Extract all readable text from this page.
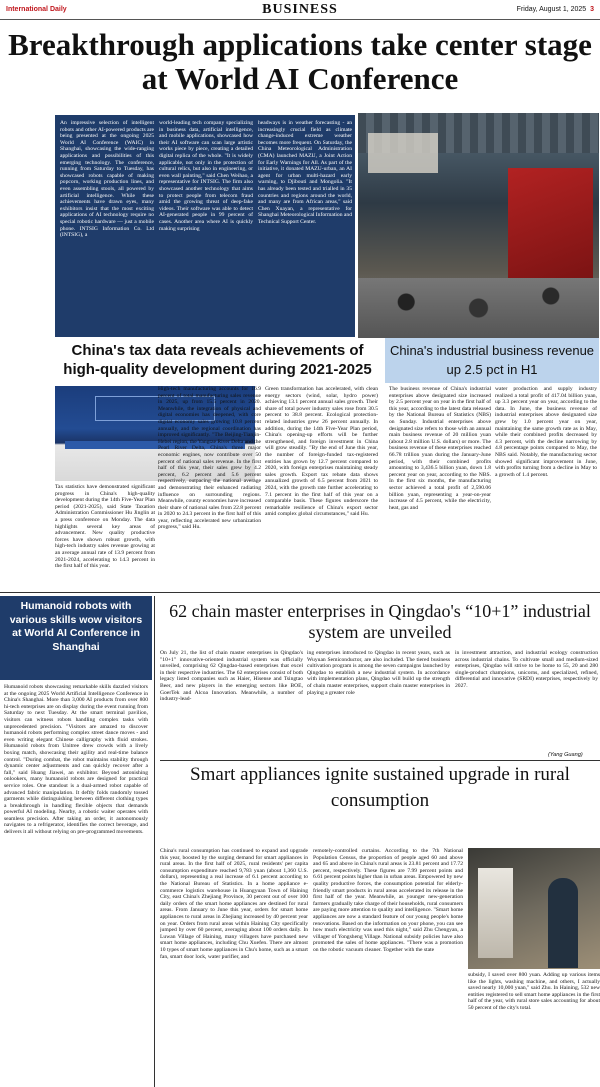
International Daily	BUSINESS	Friday, August 1, 2025 3
Breakthrough applications take center stage at World AI Conference
An impressive selection of intelligent robots and other AI-powered products are being presented at the ongoing 2025 World AI Conference (WAIC) in Shanghai, showcasing the wide-ranging applications and possibilities of this emerging technology. The conference, running from Saturday to Tuesday, has showcased robots capable of making popcorn, working production lines, and even assembling stools, all powered by artificial intelligence. While these achievements have drawn eyes, many exhibitors insist that the most exciting applications of AI technology require no special robotic hardware — just a mobile phone. INTSIG Information Co. Ltd (INTSIG), a
world-leading tech company specializing in business data, artificial intelligence, and mobile applications, showcased how their AI software can scan large artistic works piece by piece, creating a detailed digital replica of the whole. "It is widely applicable, not only in the protection of cultural relics, but also in engineering, or even wall painting," said Chen Weihao, a representative for INTSIG. The firm also showcased another technology that aims to protect people from telecom fraud amid the growing threat of deep-fake videos. Their software was able to detect AI-generated people in 99 percent of cases. Another area where AI is quickly making surprising
headways is in weather forecasting - an increasingly crucial field as climate change-induced extreme weather becomes more frequent. On Saturday, the China Meteorological Administration (CMA) launched MAZU, a Joint Action for Early Warnings for All. As part of the initiative, it donated MAZU-urban, an AI agent for urban multi-hazard early warning, to Djibouti and Mongolia. "It has already been tested and trialled in 35 countries and regions around the world, and many are from African areas," said Chen Xuayan, a representative for Shanghai Meteorological Information and Technical Support Center.
China's tax data reveals achievements of high-quality development during 2021-2025
Tax statistics have demonstrated significant progress in China's high-quality development during the 14th Five-Year Plan period (2021-2025), said State Taxation Administration Commissioner Hu Jinglin at a press conference on Monday. The data highlights several key areas of advancement. New quality productive forces have shown robust growth, with high-tech industry sales revenue growing at an average annual rate of 13.9 percent from 2021-2024, accelerating to 14.3 percent in the first half of this year.
High-tech manufacturing accounts for 16.9 percent of total manufacturing sales revenue in 2025, up from 15.5 percent in 2020. Meanwhile, the integration of physical and digital economies has deepened, with core digital economy sales growing 10.8 percent annually, and the regional coordination has improved significantly. "The Beijing-Tianjin-Hebei region, the Yangtze River Delta and the Pearl River Delta, China's three major economic engines, now contribute over 50 percent of national sales revenue. In the first half of this year, their sales grew by 4.2 percent, 6.2 percent and 5.6 percent respectively, outpacing the national average and demonstrating their enhanced radiating influence on surrounding regions. Meanwhile, county economies have increased their share of national sales from 22.8 percent in 2020 to 24.3 percent in the first half of this year, reflecting accelerated new urbanization progress," said Hu.
Green transformation has accelerated, with clean energy sectors (wind, solar, hydro power) achieving 13.1 percent annual sales growth. Their share of total power industry sales rose from 30.5 percent to 38.8 percent. Ecological protection-related industries grew 26 percent annually. In addition, during the 14th Five-Year Plan period, China's opening-up efforts will be further strengthened, and foreign investment in China will grow steadily. "By the end of June this year, the number of foreign-funded tax-registered entities has grown by 12.7 percent compared to 2020, with foreign enterprises maintaining steady sales growth. Export tax rebate data shows annualized growth of 6.5 percent from 2021 to 2024, with the growth rate further accelerating to 7.1 percent in the first half of this year on a comparable basis. These figures underscore the remarkable resilience of China's export sector amid complex global circumstances," said Hu.
China's industrial business revenue up 2.5 pct in H1
The business revenue of China's industrial enterprises above designated size increased by 2.5 percent year on year in the first half of this year, according to the latest data released by the National Bureau of Statistics (NBS) on Sunday. Industrial enterprises above designated size refers to those with an annual main business revenue of 20 million yuan (about 2.8 million U.S. dollars) or more. The business revenue of these enterprises reached 66.78 trillion yuan during the January-June period, with their combined profits amounting to 3,436.5 billion yuan, down 1.8 percent year on year, according to the NBS. In the first six months, the manufacturing sector achieved a total profit of 2,590.06 billion yuan, representing a year-on-year increase of 4.5 percent, while the electricity, heat, gas and
water production and supply industry realized a total profit of 417.04 billion yuan, up 3.3 percent year on year, according to the data. In June, the business revenue of industrial enterprises above designated size grew by 1.0 percent year on year, maintaining the same growth rate as in May, while their combined profits decreased by 4.3 percent, with the decline narrowing by 4.8 percentage points compared to May, the NBS said. Notably, the manufacturing sector showed significant improvement in June, with profits turning from a decline in May to a growth of 1.4 percent.
Humanoid robots with various skills wow visitors at World AI Conference in Shanghai
Humanoid robots showcasing remarkable skills dazzled visitors at the ongoing 2025 World Artificial Intelligence Conference in China's Shanghai. More than 3,000 AI products from over 800 hi-tech enterprises are on display during the event running from Saturday to next Tuesday. At the smart terminal pavilion, visitors can witness robots handling complex tasks with unprecedented precision. "Visitors are amazed to discover humanoid robots performing complex street dance moves - and even writing elegant Chinese calligraphy with fluid strokes. Humanoid robots from Unitree drew crowds with a lively boxing match, showcasing their agility and real-time balance control. "During combat, the robot maintains stability through dynamic center adjustments and can quickly recover after a fall," said Huang Jiawei, an exhibitor. Beyond astonishing onlookers, many humanoid robots are designed for practical service roles. One standout is a dual-armed robot capable of advanced fabric manipulation. It deftly folds randomly tossed garments while distinguishing between different clothing types a breakthrough in handling flexible objects that demands powerful AI modeling. Nearby, a robotic waiter operates with seamless precision. After taking an order, it autonomously navigates to a refrigerator, identifies the correct beverage, and delivers it all without relying on pre-programmed movements.
62 chain master enterprises in Qingdao's “10+1” industrial system are unveiled
On July 21, the list of chain master enterprises in Qingdao's "10+1" innovative-oriented industrial system was officially unveiled, comprising 62 Qingdao-based enterprises that excel in their respective industries. The 62 enterprises consist of both legacy listed companies such as Haier, Hisense and Tsingtao Beer, and new players in the emerging sectors like BOE, GoerTek and Alcoa Innovation. Meanwhile, a number of industry-lead-
ing enterprises introduced to Qingdao in recent years, such as Wuyuan Semiconductor, are also included. The tiered business cultivation program is among the seven campaigns launched by Qingdao to establish a new industrial system. In accordance with implementation plans, Qingdao will build up the strength of chain master enterprises, support chain master enterprises in playing a greater role
in investment attraction, and industrial ecology construction across industrial chains. To cultivate small and medium-sized enterprises, Qingdao will strive to be home to 55, 20 and 280 single-product champions, unicorns, and specialized, refined, differential and innovative (SRDI) enterprises, respectively by 2027.
(Yang Guang)
Smart appliances ignite sustained upgrade in rural consumption
China's rural consumption has continued to expand and upgrade this year, boosted by the surging demand for smart appliances in rural areas. In the first half of 2025, rural residents' per capita consumption expenditure reached 9,783 yuan (about 1,360 U.S. dollars), representing a real increase of 6.1 percent according to the National Bureau of Statistics. In a home appliance e-commerce logistics warehouse in Huangyuan Town of Haining City, east China's Zhejiang Province, 30 percent out of over 100 daily orders of the smart home appliances are destined for rural areas. From January to June this year, orders for smart home appliances to rural areas in Zhejiang increased by 40 percent year on year. Orders from rural areas within Haining City specifically jumped by over 60 percent, averaging about 100 orders daily. In Luwan Village of Haining, many villagers have purchased new smart home appliances, including Chu Xuefen. There are almost 10 types of smart home appliances in Chu's home, such as a smart fan, smart door lock, water purifier, and
remotely-controlled curtains. According to the 7th National Population Census, the proportion of people aged 60 and above and 65 and above in China's rural areas is 23.81 percent and 17.72 percent, respectively. These figures are 7.99 percent points and 6.61 percent points higher than in urban areas. Empowered by new quality productive forces, the consumption potential for elderly-friendly smart products in rural areas accelerated its release in the first half of the year. Meanwhile, as younger new-generation farmers gradually take charge of their households, rural consumers are paying more attention to quality and intelligence. "Smart home appliances are now a standard feature of our young people's home renovations. Based on the information on your phone, you can see how much electricity was used this night," said Zhu Chengyan, a villager of Yongsheng Village. National subsidy policies have also promoted the sales of home appliances. "There was a promotion on the robotic vacuum cleaner. Together with the state
subsidy, I saved over 800 yuan. Adding up various items like the lights, washing machine, and others, I actually saved nearly 10,000 yuan," said Zhu. In Haining, 532 new entities registered to sell smart home appliances in the first half of the year, with rural store sales accounting for about 50 percent of the city's total.
